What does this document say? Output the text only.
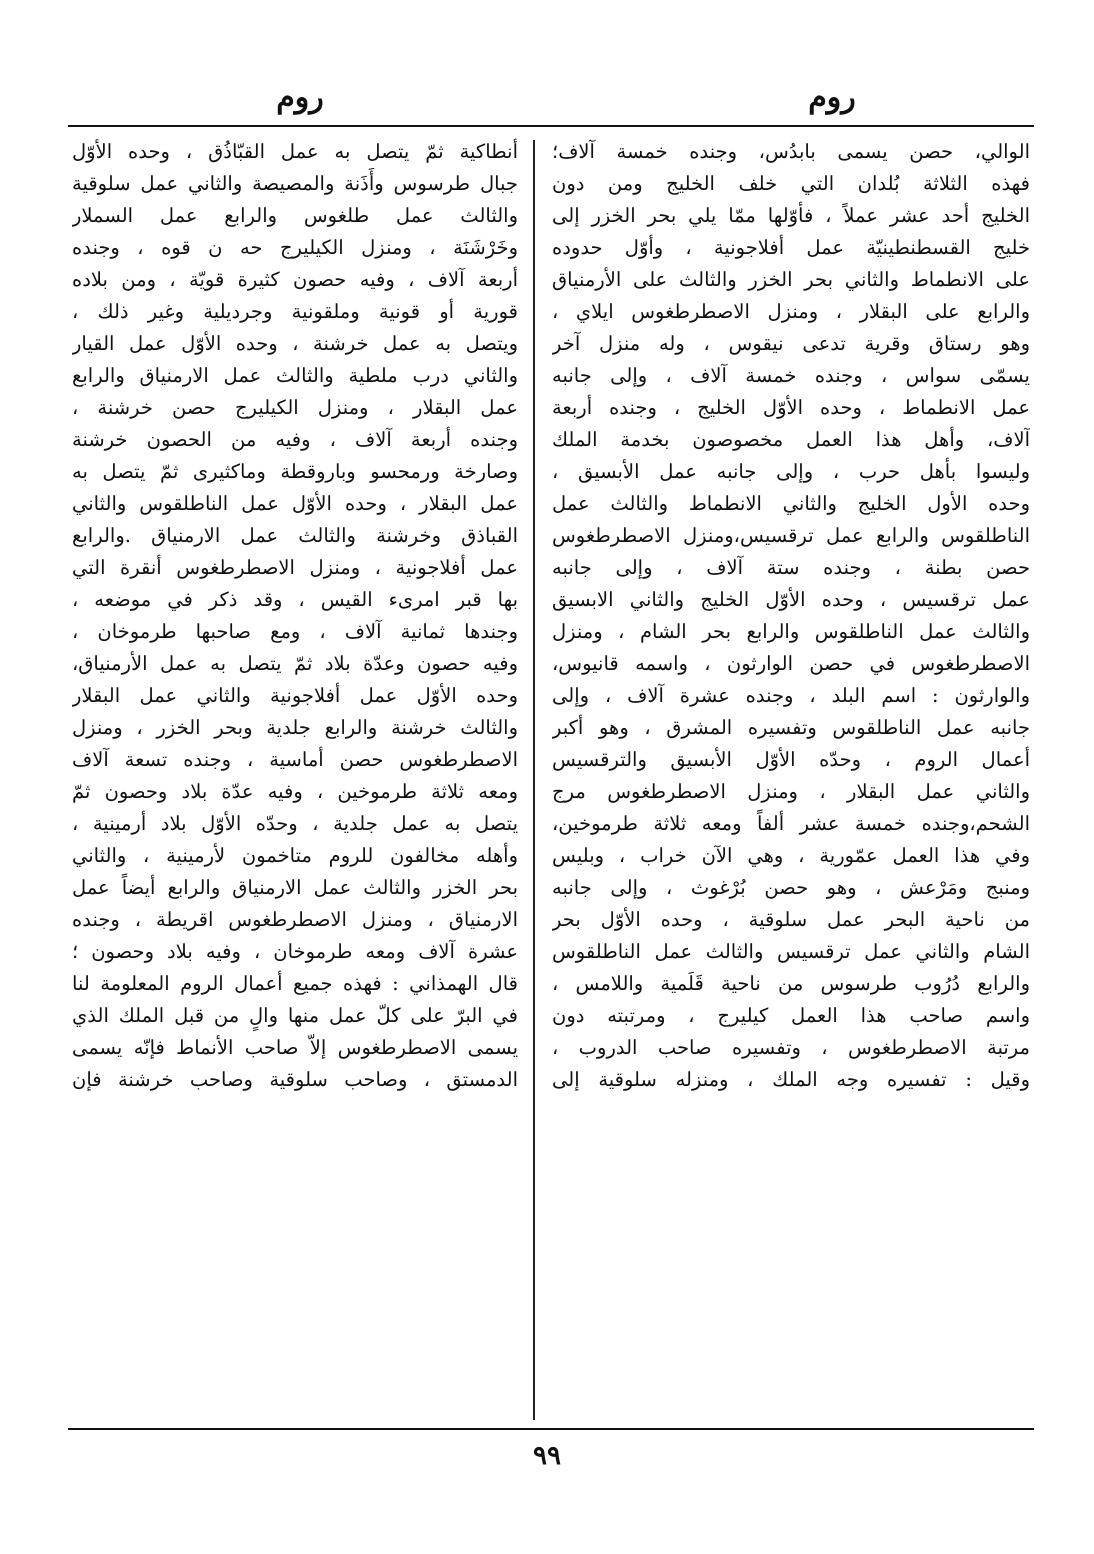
روم
روم
الوالي، حصن يسمى بابدُس، وجنده خمسة آلاف؛
فهذه الثلاثة بُلدان التي خلف الخليج ومن دون
الخليج أحد عشر عملاً ، فأوّلها ممّا يلي بحر الخزر إلى
خليج القسطنطينيّة عمل أفلاجونية ، وأوّل حدوده
على الانطماط والثاني بحر الخزر والثالث على الأرمنياق
والرابع على البقلار ، ومنزل الاصطرطغوس ايلاي ،
وهو رستاق وقرية تدعى نيقوس ، وله منزل آخر
يسمّى سواس ، وجنده خمسة آلاف ، وإلى جانبه
عمل الانطماط ، وحده الأوّل الخليج ، وجنده أربعة
آلاف، وأهل هذا العمل مخصوصون بخدمة الملك
وليسوا بأهل حرب ، وإلى جانبه عمل الأبسيق ،
وحده الأول الخليج والثاني الانطماط والثالث عمل
الناطلقوس والرابع عمل ترقسيس،ومنزل الاصطرطغوس
حصن بطنة ، وجنده ستة آلاف ، وإلى جانبه
عمل ترقسيس ، وحده الأوّل الخليج والثاني الابسيق
والثالث عمل الناطلقوس والرابع بحر الشام ، ومنزل
الاصطرطغوس في حصن الوارثون ، واسمه قانيوس،
والوارثون : اسم البلد ، وجنده عشرة آلاف ، وإلى
جانبه عمل الناطلقوس وتفسيره المشرق ، وهو أكبر
أعمال الروم ، وحدّه الأوّل الأبسيق والترقسيس
والثاني عمل البقلار ، ومنزل الاصطرطغوس مرج
الشحم،وجنده خمسة عشر ألفاً ومعه ثلاثة طرموخين،
وفي هذا العمل عمّورية ، وهي الآن خراب ، وبليس
ومنبج ومَرْعش ، وهو حصن بُرْغوث ، وإلى جانبه
من ناحية البحر عمل سلوقية ، وحده الأوّل بحر
الشام والثاني عمل ترقسيس والثالث عمل الناطلقوس
والرابع دُرُوب طرسوس من ناحية قَلَمية واللامس ،
واسم صاحب هذا العمل كيليرج ، ومرتبته دون
مرتبة الاصطرطغوس ، وتفسيره صاحب الدروب ،
وقيل : تفسيره وجه الملك ، ومنزله سلوقية إلى
أنطاكية ثمّ يتصل به عمل القبّاذُق ، وحده الأوّل
جبال طرسوس وأَذَنة والمصيصة والثاني عمل سلوقية
والثالث عمل طلغوس والرابع عمل السملار
وخَرْشَنَة ، ومنزل الكيليرج حه ن قوه ، وجنده
أربعة آلاف ، وفيه حصون كثيرة قويّة ، ومن بلاده
قورية أو قونية وملقونية وجرديلية وغير ذلك ،
ويتصل به عمل خرشنة ، وحده الأوّل عمل القيار
والثاني درب ملطية والثالث عمل الارمنياق والرابع
عمل البقلار ، ومنزل الكيليرج حصن خرشنة ،
وجنده أربعة آلاف ، وفيه من الحصون خرشنة
وصارخة ورمحسو وباروقطة وماكثيرى ثمّ يتصل به
عمل البقلار ، وحده الأوّل عمل الناطلقوس والثاني
القباذق وخرشنة والثالث عمل الارمنياق .والرابع
عمل أفلاجونية ، ومنزل الاصطرطغوس أنقرة التي
بها قبر امرىء القيس ، وقد ذكر في موضعه ،
وجندها ثمانية آلاف ، ومع صاحبها طرموخان ،
وفيه حصون وعدّة بلاد ثمّ يتصل به عمل الأرمنياق،
وحده الأوّل عمل أفلاجونية والثاني عمل البقلار
والثالث خرشنة والرابع جلدية وبحر الخزر ، ومنزل
الاصطرطغوس حصن أماسية ، وجنده تسعة آلاف
ومعه ثلاثة طرموخين ، وفيه عدّة بلاد وحصون ثمّ
يتصل به عمل جلدية ، وحدّه الأوّل بلاد أرمينية ،
وأهله مخالفون للروم متاخمون لأرمينية ، والثاني
بحر الخزر والثالث عمل الارمنياق والرابع أيضاً عمل
الارمنياق ، ومنزل الاصطرطغوس اقريطة ، وجنده
عشرة آلاف ومعه طرموخان ، وفيه بلاد وحصون ؛
قال الهمذاني : فهذه جميع أعمال الروم المعلومة لنا
في البرّ على كلّ عمل منها والٍ من قبل الملك الذي
يسمى الاصطرطغوس إلاّ صاحب الأنماط فإنّه يسمى
الدمستق ، وصاحب سلوقية وصاحب خرشنة فإن
٩٩
